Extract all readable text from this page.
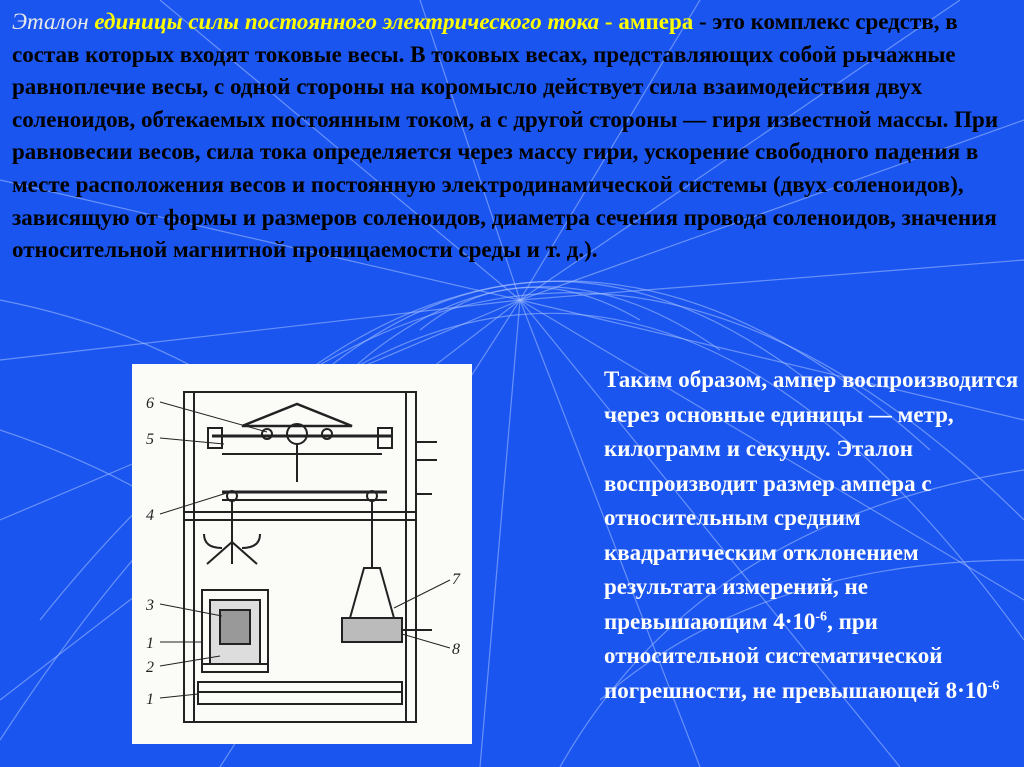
Эталон единицы силы постоянного электрического тока - ампера - это комплекс средств, в состав которых входят токовые весы. В токовых весах, представляющих собой рычажные равноплечие весы, с одной стороны на коромысло действует сила взаимодействия двух соленоидов, обтекаемых постоянным током, а с другой стороны — гиря известной массы. При равновесии весов, сила тока определяется через массу гири, ускорение свободного падения в месте расположения весов и постоянную электродинамической системы (двух соленоидов), зависящую от формы и размеров соленоидов, диаметра сечения провода соленоидов, значения относительной магнитной проницаемости среды и т. д.).

6
5
4
3
1
2
1
7
8

Таким образом, ампер воспроизводится через основные единицы — метр, килограмм и секунду. Эталон воспроизводит размер ампера с относительным средним квадратическим отклонением результата измерений, не превышающим $4\cdot 10^{-6}$, при относительной систематической погрешности, не превышающей $8\cdot 10^{-6}$
